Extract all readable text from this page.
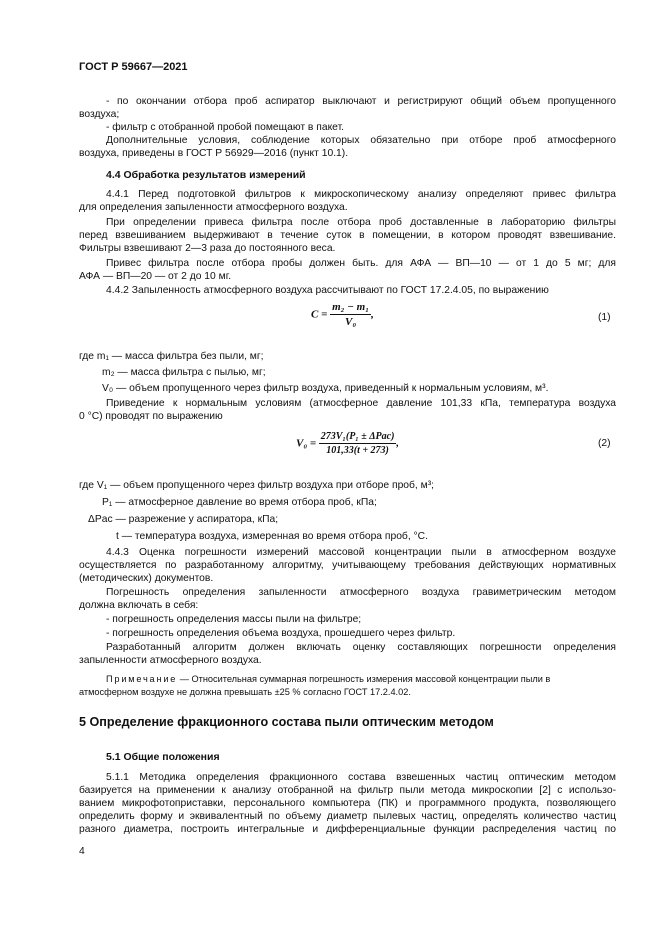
ГОСТ Р 59667—2021
- по окончании отбора проб аспиратор выключают и регистрируют общий объем пропущенного
воздуха;
- фильтр с отобранной пробой помещают в пакет.
Дополнительные условия, соблюдение которых обязательно при отборе проб атмосферного
воздуха, приведены в ГОСТ Р 56929—2016 (пункт 10.1).
4.4 Обработка результатов измерений
4.4.1 Перед подготовкой фильтров к микроскопическому анализу определяют привес фильтра
для определения запыленности атмосферного воздуха.
При определении привеса фильтра после отбора проб доставленные в лабораторию фильтры
перед взвешиванием выдерживают в течение суток в помещении, в котором проводят взвешивание.
Фильтры взвешивают 2—3 раза до постоянного веса.
Привес фильтра после отбора пробы должен быть. для АФА — ВП—10 — от 1 до 5 мг; для
АФА — ВП—20 — от 2 до 10 мг.
4.4.2 Запыленность атмосферного воздуха рассчитывают по ГОСТ 17.2.4.05, по выражению
$C = \frac{\text{m₂ − m₁}}{\text{V₀}}$ ,	(1)
где m₁ — масса фильтра без пыли, мг;
m₂ — масса фильтра с пылью, мг;
V₀ — объем пропущенного через фильтр воздуха, приведенный к нормальным условиям, м³.
Приведение к нормальным условиям (атмосферное давление 101,33 кПа, температура воздуха
0 °С) проводят по выражению
$V_0 = \frac{\text{273V₁(P₁ ± ΔPас)}}{101,33(t + 273)}$ ,	(2)
где V₁ — объем пропущенного через фильтр воздуха при отборе проб, м³;
P₁ — атмосферное давление во время отбора проб, кПа;
ΔPас — разрежение у аспиратора, кПа;
t — температура воздуха, измеренная во время отбора проб, °С.
4.4.3 Оценка погрешности измерений массовой концентрации пыли в атмосферном воздухе
осуществляется по разработанному алгоритму, учитывающему требования действующих нормативных
(методических) документов.
Погрешность определения запыленности атмосферного воздуха гравиметрическим методом
должна включать в себя:
- погрешность определения массы пыли на фильтре;
- погрешность определения объема воздуха, прошедшего через фильтр.
Разработанный алгоритм должен включать оценку составляющих погрешности определения
запыленности атмосферного воздуха.
Примечание — Относительная суммарная погрешность измерения массовой концентрации пыли в
атмосферном воздухе не должна превышать ±25 % согласно ГОСТ 17.2.4.02.
5 Определение фракционного состава пыли оптическим методом
5.1 Общие положения
5.1.1 Методика определения фракционного состава взвешенных частиц оптическим методом
базируется на применении к анализу отобранной на фильтр пыли метода микроскопии [2] с использо-
ванием микрофотоприставки, персонального компьютера (ПК) и программного продукта, позволяющего
определить форму и эквивалентный по объему диаметр пылевых частиц, определять количество частиц
разного диаметра, построить интегральные и дифференциальные функции распределения частиц по
4
